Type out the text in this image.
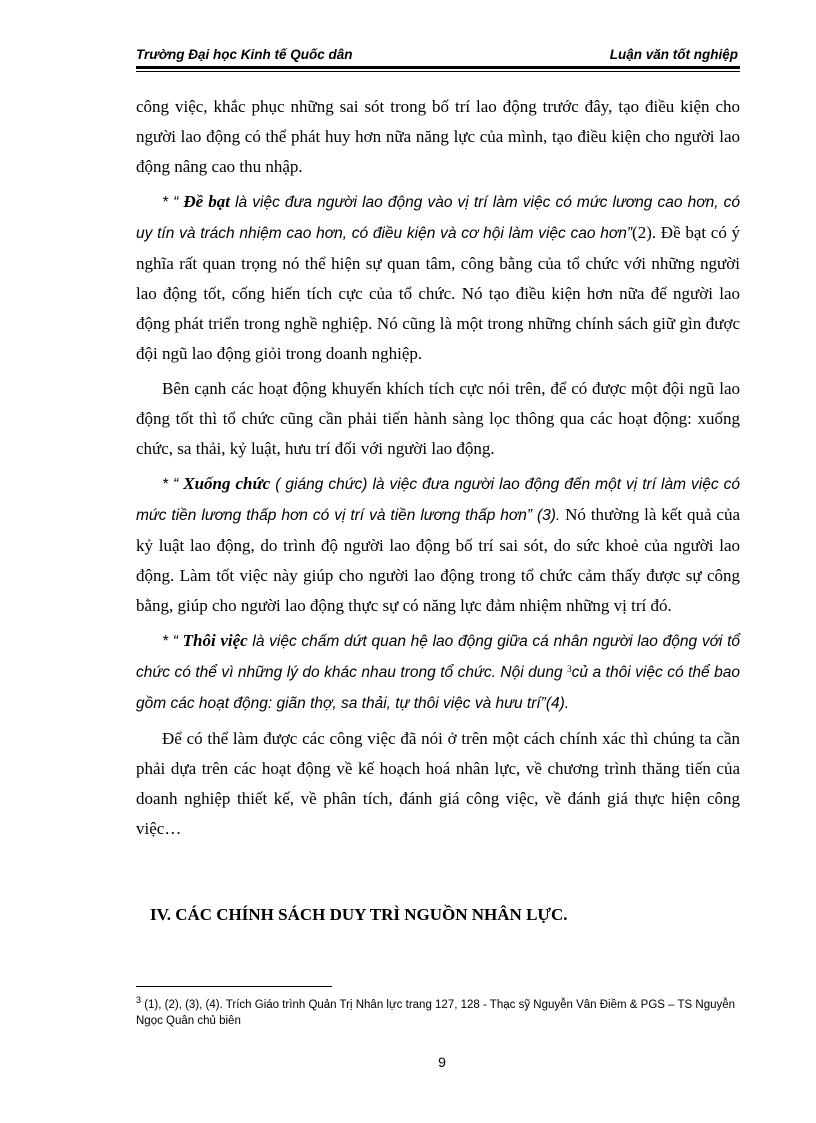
Trường Đại học Kinh tế Quốc dân	Luận văn tốt nghiệp

công việc, khắc phục những sai sót trong bố trí lao động trước đây, tạo điều kiện cho người lao động có thể phát huy hơn nữa năng lực của mình, tạo điều kiện cho người lao động nâng cao thu nhập.

* “ Đề bạt là việc đưa người lao động vào vị trí làm việc có mức lương cao hơn, có uy tín và trách nhiệm cao hơn, có điều kiện và cơ hội làm việc cao hơn”(2). Đề bạt có ý nghĩa rất quan trọng nó thể hiện sự quan tâm, công bằng của tổ chức với những người lao động tốt, cống hiến tích cực của tổ chức. Nó tạo điều kiện hơn nữa để người lao động phát triển trong nghề nghiệp. Nó cũng là một trong những chính sách giữ gìn được đội ngũ lao động giỏi trong doanh nghiệp.

Bên cạnh các hoạt động khuyến khích tích cực nói trên, để có được một đội ngũ lao động tốt thì tổ chức cũng cần phải tiến hành sàng lọc thông qua các hoạt động: xuống chức, sa thải, kỷ luật, hưu trí đối với người lao động.

* “ Xuống chức ( giáng chức) là việc đưa người lao động đến một vị trí làm việc có mức tiền lương thấp hơn có vị trí và tiền lương thấp hơn” (3). Nó thường là kết quả của kỷ luật lao động, do trình độ người lao động bố trí sai sót, do sức khoẻ của người lao động. Làm tốt việc này giúp cho người lao động trong tổ chức cảm thấy được sự công bằng, giúp cho người lao động thực sự có năng lực đảm nhiệm những vị trí đó.

* “ Thôi việc là việc chấm dứt quan hệ lao động giữa cá nhân người lao động với tổ chức có thể vì những lý do khác nhau trong tổ chức. Nội dung $^3$củ a thôi việc có thể bao gồm các hoạt động: giãn thợ, sa thải, tự thôi việc và hưu trí”(4).

Để có thể làm được các công việc đã nói ở trên một cách chính xác thì chúng ta cần phải dựa trên các hoạt động về kế hoạch hoá nhân lực, về chương trình thăng tiến của doanh nghiệp thiết kế, về phân tích, đánh giá công việc, về đánh giá thực hiện công việc…

IV. CÁC CHÍNH SÁCH DUY TRÌ NGUỒN NHÂN LỰC.
$^3$ (1), (2), (3), (4). Trích Giáo trình Quản Trị Nhân lực trang 127, 128 - Thạc sỹ Nguyễn Vân Điềm & PGS – TS Nguyễn Ngọc Quân chủ biên
9
